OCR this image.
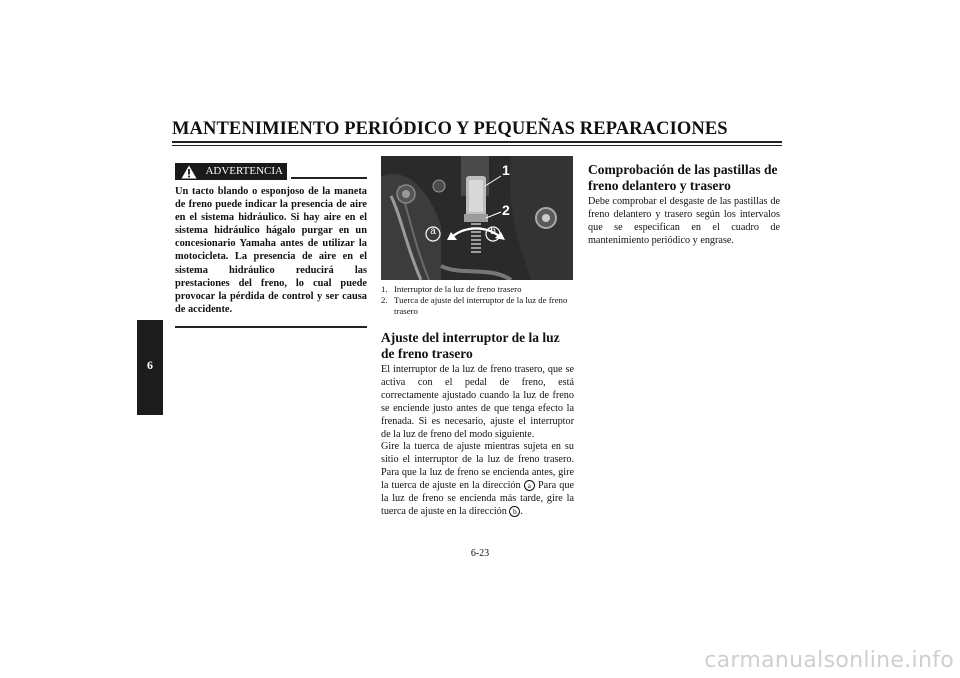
MANTENIMIENTO PERIÓDICO Y PEQUEÑAS REPARACIONES
6
ADVERTENCIA

Un tacto blando o esponjoso de la maneta de freno puede indicar la presencia de aire en el sistema hidráulico. Si hay aire en el sistema hidráulico hágalo purgar en un concesionario Yamaha antes de utilizar la motocicleta. La presencia de aire en el sistema hidráulico reducirá las prestaciones del freno, lo cual puede provocar la pérdida de control y ser causa de accidente.

1
2
a	b
1. Interruptor de la luz de freno trasero
2. Tuerca de ajuste del interruptor de la luz de freno trasero
Ajuste del interruptor de la luz de freno trasero

El interruptor de la luz de freno trasero, que se activa con el pedal de freno, está correctamente ajustado cuando la luz de freno se enciende justo antes de que tenga efecto la frenada. Si es necesario, ajuste el interruptor de la luz de freno del modo siguiente.

Gire la tuerca de ajuste mientras sujeta en su sitio el interruptor de la luz de freno trasero. Para que la luz de freno se encienda antes, gire la tuerca de ajuste en la dirección a Para que la luz de freno se encienda más tarde, gire la tuerca de ajuste en la dirección b .

Comprobación de las pastillas de freno delantero y trasero

Debe comprobar el desgaste de las pastillas de freno delantero y trasero según los intervalos que se especifican en el cuadro de mantenimiento periódico y engrase.

6-23
carmanualsonline.info
